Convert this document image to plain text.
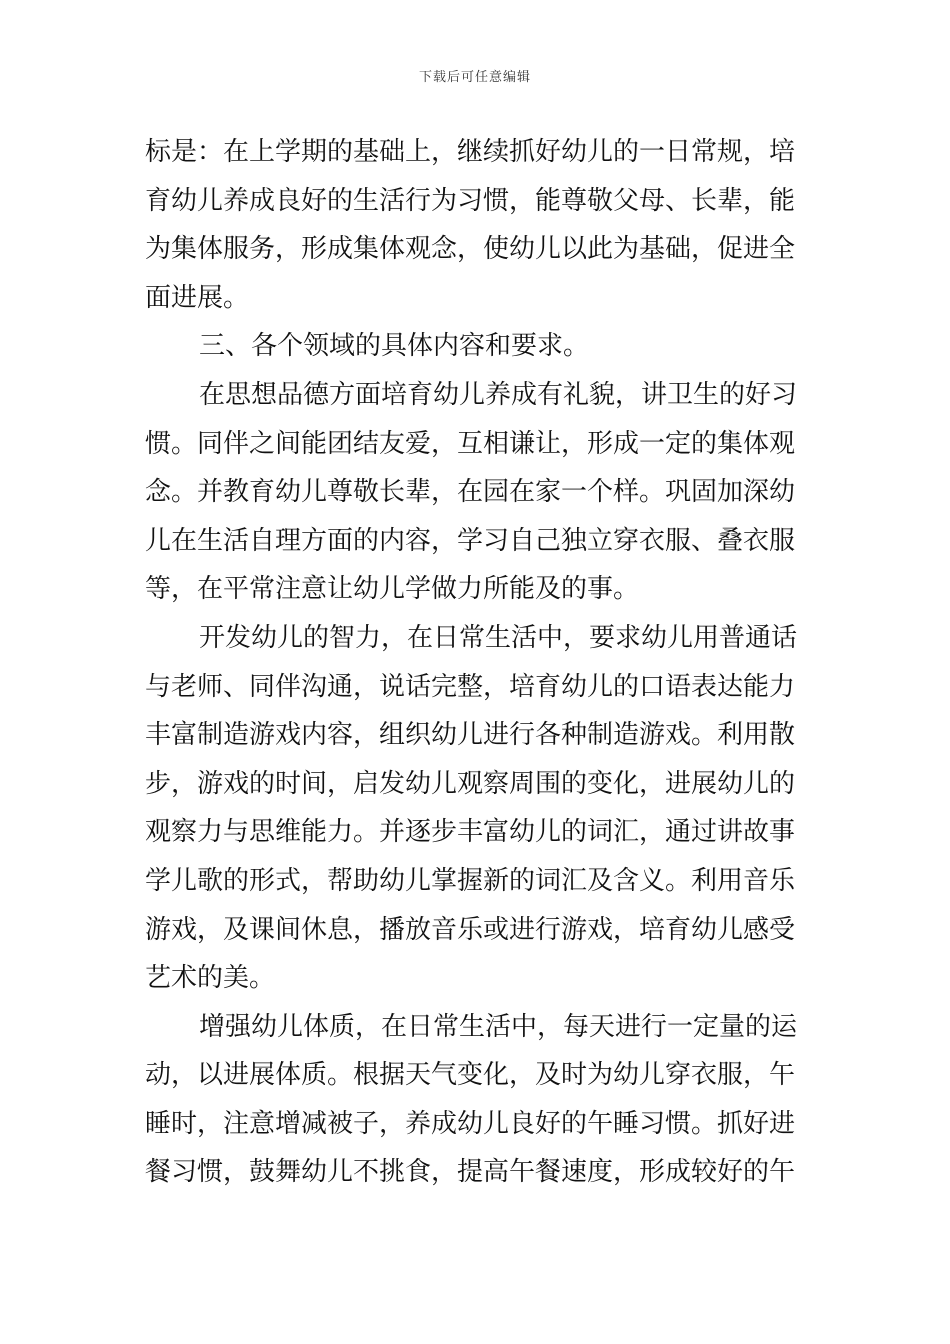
下载后可任意编辑
标是：在上学期的基础上，继续抓好幼儿的一日常规，培
育幼儿养成良好的生活行为习惯，能尊敬父母、长辈，能
为集体服务，形成集体观念，使幼儿以此为基础，促进全
面进展。
三、各个领域的具体内容和要求。
在思想品德方面培育幼儿养成有礼貌，讲卫生的好习
惯。同伴之间能团结友爱，互相谦让，形成一定的集体观
念。并教育幼儿尊敬长辈，在园在家一个样。巩固加深幼
儿在生活自理方面的内容，学习自己独立穿衣服、叠衣服
等，在平常注意让幼儿学做力所能及的事。
开发幼儿的智力，在日常生活中，要求幼儿用普通话
与老师、同伴沟通，说话完整，培育幼儿的口语表达能力
丰富制造游戏内容，组织幼儿进行各种制造游戏。利用散
步，游戏的时间，启发幼儿观察周围的变化，进展幼儿的
观察力与思维能力。并逐步丰富幼儿的词汇，通过讲故事
学儿歌的形式，帮助幼儿掌握新的词汇及含义。利用音乐
游戏，及课间休息，播放音乐或进行游戏，培育幼儿感受
艺术的美。
增强幼儿体质，在日常生活中，每天进行一定量的运
动，以进展体质。根据天气变化，及时为幼儿穿衣服，午
睡时，注意增减被子，养成幼儿良好的午睡习惯。抓好进
餐习惯，鼓舞幼儿不挑食，提高午餐速度，形成较好的午
